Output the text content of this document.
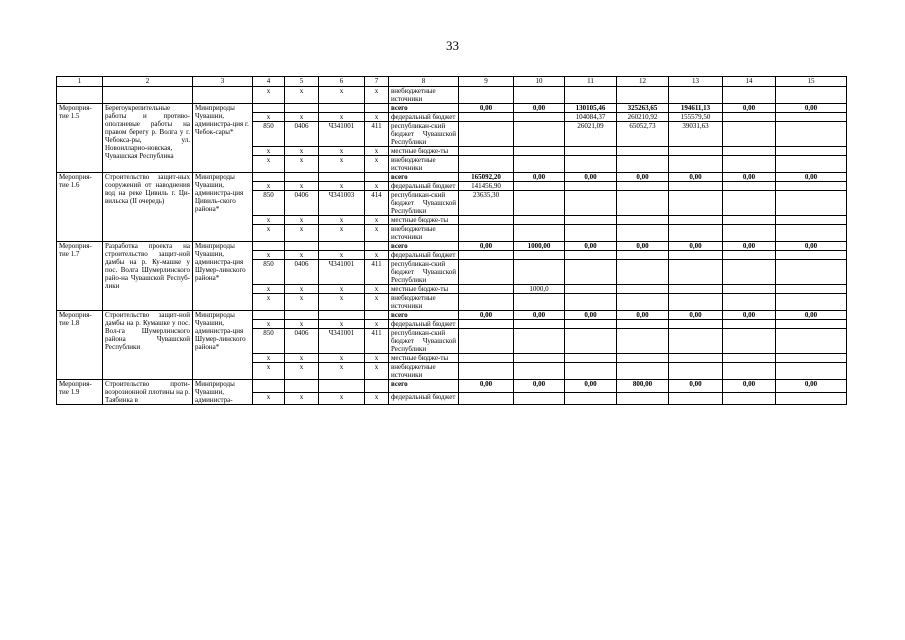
33
1	2	3	4	5	6	7	8	9	10	11	12	13	14	15
			x	x	x	x	внебюджетные источники							
Мероприя-тие 1.5	Берегоукрепительные работы и противо-оползневые работы на правом берегу р. Волга у г. Чебокса-ры, ул. Новоилларио-новская, Чувашская Республика	Минприроды Чувашии, администра-ция г. Чебок-сары*					всего	0,00	0,00	130105,46	325263,65	194611,13	0,00	0,00
			x	x	x	x	федеральный бюджет			104084,37	260210,92	155579,50		
			850	0406	Ч341001	411	республикан-ский бюджет Чувашской Республики			26021,09	65052,73	39031,63		
			x	x	x	x	местные бюдже-ты							
			x	x	x	x	внебюджетные источники							
Мероприя-тие 1.6	Строительство защит-ных сооружений от наводнения вод на реке Цивиль г. Ци-вильска (II очередь)	Минприроды Чувашии, администра-ция Цивиль-ского района*					всего	165092,20	0,00	0,00	0,00	0,00	0,00	0,00
			x	x	x	x	федеральный бюджет	141456,90						
			850	0406	Ч341003	414	республикан-ский бюджет Чувашской Республики	23635,30						
			x	x	x	x	местные бюдже-ты							
			x	x	x	x	внебюджетные источники							
Мероприя-тие 1.7	Разработка проекта на строительство защит-ной дамбы на р. Ку-машке у пос. Волга Шумерлинского райо-на Чувашской Респуб-лики	Минприроды Чувашии, администра-ция Шумер-линского района*					всего	0,00	1000,00	0,00	0,00	0,00	0,00	0,00
			x	x	x	x	федеральный бюджет							
			850	0406	Ч341001	411	республикан-ский бюджет Чувашской Республики							
			x	x	x	x	местные бюдже-ты		1000,0					
			x	x	x	x	внебюджетные источники							
Мероприя-тие 1.8	Строительство защит-ной дамбы на р. Кумашке у пос. Вол-га Шумерлинского района Чувашской Республики	Минприроды Чувашии, администра-ция Шумер-линского района*					всего	0,00	0,00	0,00	0,00	0,00	0,00	0,00
			x	x	x	x	федеральный бюджет							
			850	0406	Ч341001	411	республикан-ский бюджет Чувашской Республики							
			x	x	x	x	местные бюдже-ты							
			x	x	x	x	внебюджетные источники							
Мероприя-тие 1.9	Строительство проти-воэрозионной плотины на р. Таябинка в	Минприроды Чувашии, администра-					всего	0,00	0,00	0,00	800,00	0,00	0,00	0,00
			x	x	x	x	федеральный бюджет							
